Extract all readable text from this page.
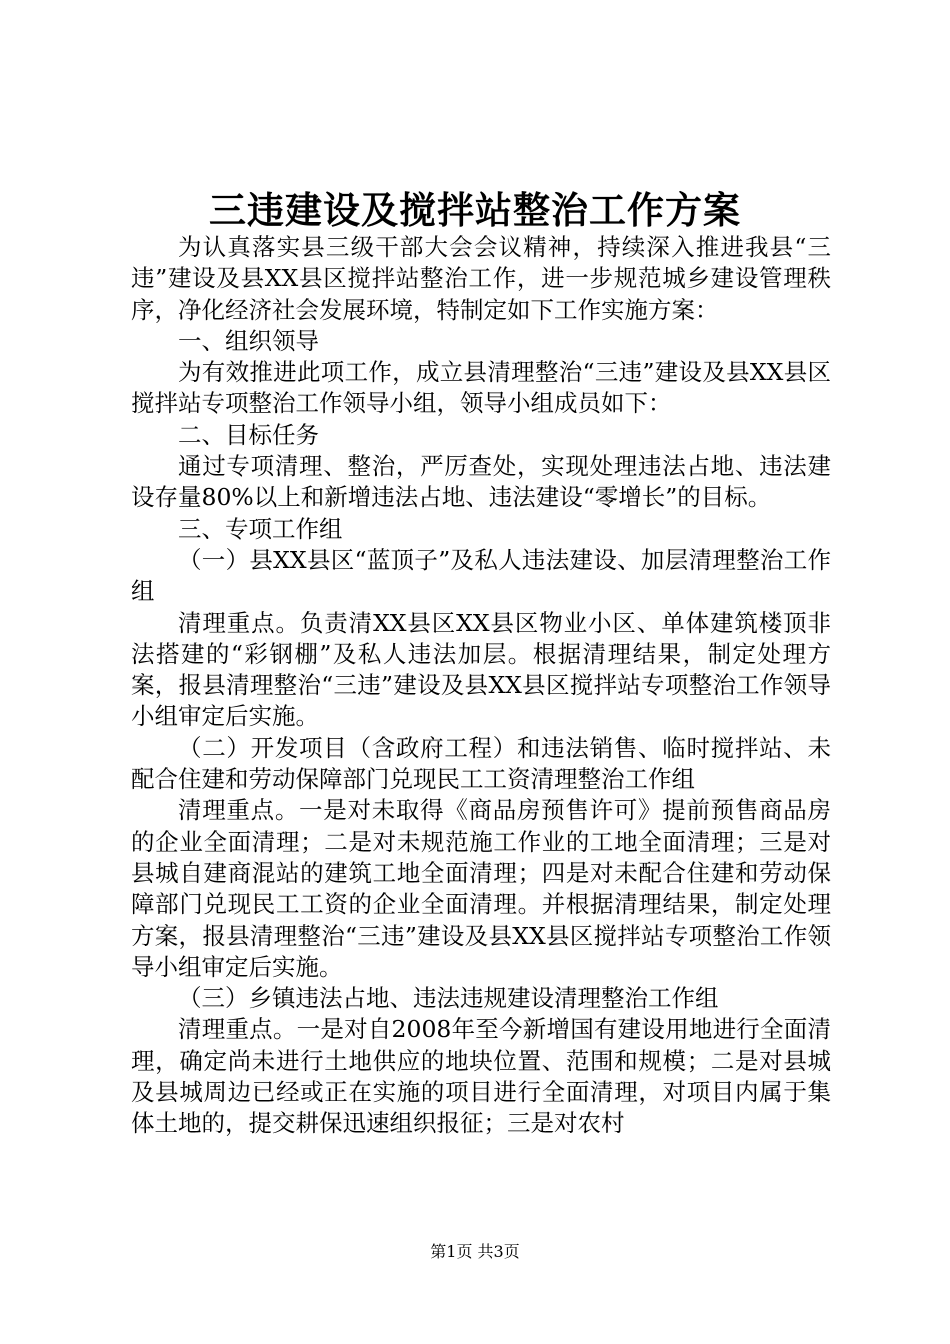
三违建设及搅拌站整治工作方案

为认真落实县三级干部大会会议精神，持续深入推进我县“三违”建设及县XX县区搅拌站整治工作，进一步规范城乡建设管理秩序，净化经济社会发展环境，特制定如下工作实施方案：

一、组织领导

为有效推进此项工作，成立县清理整治“三违”建设及县XX县区搅拌站专项整治工作领导小组，领导小组成员如下：

二、目标任务

通过专项清理、整治，严厉查处，实现处理违法占地、违法建设存量80%以上和新增违法占地、违法建设“零增长”的目标。

三、专项工作组

（一）县XX县区“蓝顶子”及私人违法建设、加层清理整治工作组

清理重点。负责清XX县区XX县区物业小区、单体建筑楼顶非法搭建的“彩钢棚”及私人违法加层。根据清理结果，制定处理方案，报县清理整治“三违”建设及县XX县区搅拌站专项整治工作领导小组审定后实施。

（二）开发项目（含政府工程）和违法销售、临时搅拌站、未配合住建和劳动保障部门兑现民工工资清理整治工作组

清理重点。一是对未取得《商品房预售许可》提前预售商品房的企业全面清理；二是对未规范施工作业的工地全面清理；三是对县城自建商混站的建筑工地全面清理；四是对未配合住建和劳动保障部门兑现民工工资的企业全面清理。并根据清理结果，制定处理方案，报县清理整治“三违”建设及县XX县区搅拌站专项整治工作领导小组审定后实施。

（三）乡镇违法占地、违法违规建设清理整治工作组

清理重点。一是对自2008年至今新增国有建设用地进行全面清理，确定尚未进行土地供应的地块位置、范围和规模；二是对县城及县城周边已经或正在实施的项目进行全面清理，对项目内属于集体土地的，提交耕保迅速组织报征；三是对农村

第1页 共3页
